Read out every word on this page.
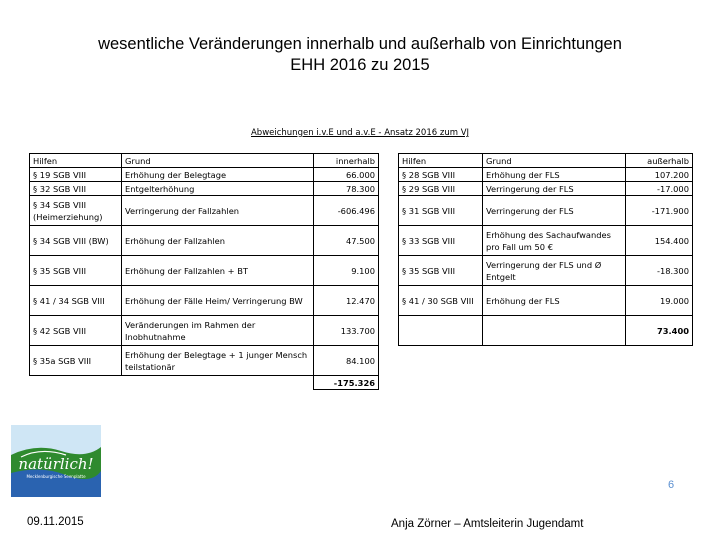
wesentliche Veränderungen innerhalb und außerhalb von Einrichtungen
EHH 2016 zu 2015
Abweichungen i.v.E und a.v.E - Ansatz 2016 zum VJ
Hilfen	Grund	innerhalb
§ 19 SGB VIII	Erhöhung der Belegtage	66.000
§ 32 SGB VIII	Entgelterhöhung	78.300
§ 34 SGB VIII (Heimerziehung)	Verringerung der Fallzahlen	-606.496
§ 34 SGB VIII (BW)	Erhöhung der Fallzahlen	47.500
§ 35 SGB VIII	Erhöhung der Fallzahlen + BT	9.100
§ 41 / 34 SGB VIII	Erhöhung der Fälle Heim/ Verringerung BW	12.470
§ 42 SGB VIII	Veränderungen im Rahmen der Inobhutnahme	133.700
§ 35a SGB VIII	Erhöhung der Belegtage + 1 junger Mensch teilstationär	84.100
		-175.326
Hilfen	Grund	außerhalb
§ 28 SGB VIII	Erhöhung der FLS	107.200
§ 29 SGB VIII	Verringerung der FLS	-17.000
§ 31 SGB VIII	Verringerung der FLS	-171.900
§ 33 SGB VIII	Erhöhung des Sachaufwandes pro Fall um 50 €	154.400
§ 35 SGB VIII	Verringerung der FLS und Ø Entgelt	-18.300
§ 41 / 30 SGB VIII	Erhöhung der FLS	19.000
		73.400
natürlich!
Mecklenburgische Seenplatte
09.11.2015	Anja Zörner – Amtsleiterin Jugendamt
6
